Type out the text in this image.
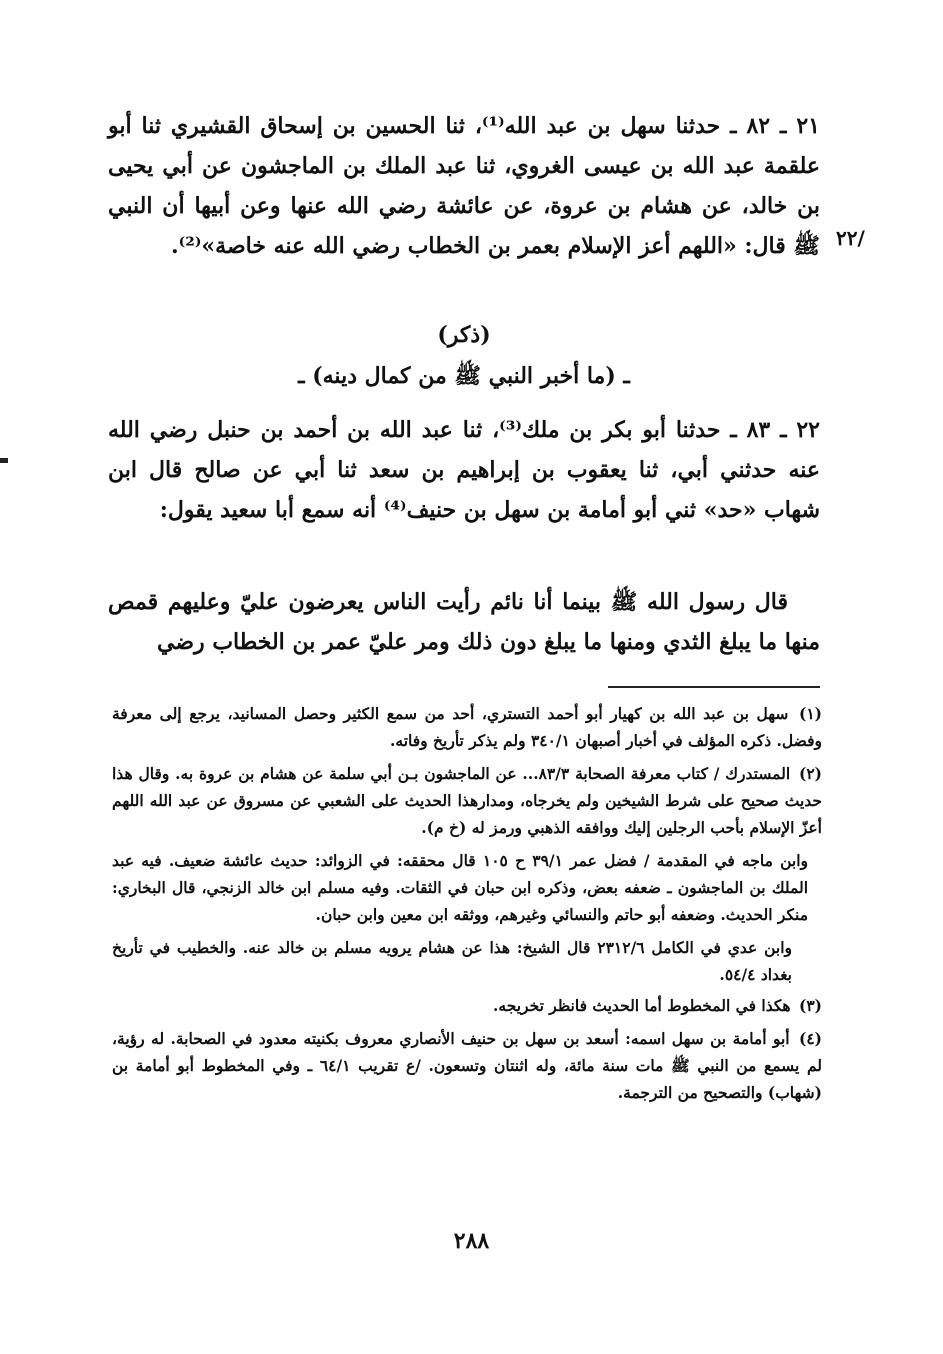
/٢٢

٢١ ـ ٨٢ ـ حدثنا سهل بن عبد الله⁽¹⁾، ثنا الحسين بن إسحاق القشيري ثنا أبو علقمة عبد الله بن عيسى الغروي، ثنا عبد الملك بن الماجشون عن أبي يحيى بن خالد، عن هشام بن عروة، عن عائشة رضي الله عنها وعن أبيها أن النبي ﷺ قال: «اللهم أعز الإسلام بعمر بن الخطاب رضي الله عنه خاصة»⁽²⁾.

(ذكر)

ـ (ما أخبر النبي ﷺ من كمال دينه) ـ

٢٢ ـ ٨٣ ـ حدثنا أبو بكر بن ملك⁽³⁾، ثنا عبد الله بن أحمد بن حنبل رضي الله عنه حدثني أبي، ثنا يعقوب بن إبراهيم بن سعد ثنا أبي عن صالح قال ابن شهاب «حد» ثني أبو أمامة بن سهل بن حنيف⁽⁴⁾ أنه سمع أبا سعيد يقول:

قال رسول الله ﷺ بينما أنا نائم رأيت الناس يعرضون عليّ وعليهم قمص منها ما يبلغ الثدي ومنها ما يبلغ دون ذلك ومر عليّ عمر بن الخطاب رضي

(١) سهل بن عبد الله بن كهيار أبو أحمد التستري، أحد من سمع الكثير وحصل المسانيد، يرجع إلى معرفة وفضل. ذكره المؤلف في أخبار أصبهان ٣٤٠/١ ولم يذكر تأريخ وفاته.

(٢) المستدرك / كتاب معرفة الصحابة ٨٣/٣... عن الماجشون بـن أبي سلمة عن هشام بن عروة به. وقال هذا حديث صحيح على شرط الشيخين ولم يخرجاه، ومدارهذا الحديث على الشعبي عن مسروق عن عبد الله اللهم أعزّ الإسلام بأحب الرجلين إليك ووافقه الذهبي ورمز له (خ م).

وابن ماجه في المقدمة / فضل عمر ٣٩/١ ح ١٠٥ قال محققه: في الزوائد: حديث عائشة ضعيف. فيه عبد الملك بن الماجشون ـ ضعفه بعض، وذكره ابن حبان في الثقات. وفيه مسلم ابن خالد الزنجي، قال البخاري: منكر الحديث. وضعفه أبو حاتم والنسائي وغيرهم، ووثقه ابن معين وابن حبان.

وابن عدي في الكامل ٢٣١٢/٦ قال الشيخ: هذا عن هشام يرويه مسلم بن خالد عنه. والخطيب في تأريخ بغداد ٥٤/٤.

(٣) هكذا في المخطوط أما الحديث فانظر تخريجه.

(٤) أبو أمامة بن سهل اسمه: أسعد بن سهل بن حنيف الأنصاري معروف بكنيته معدود في الصحابة. له رؤية، لم يسمع من النبي ﷺ مات سنة مائة، وله اثنتان وتسعون. /ع تقريب ٦٤/١ ـ وفي المخطوط أبو أمامة بن (شهاب) والتصحيح من الترجمة.

٢٨٨
